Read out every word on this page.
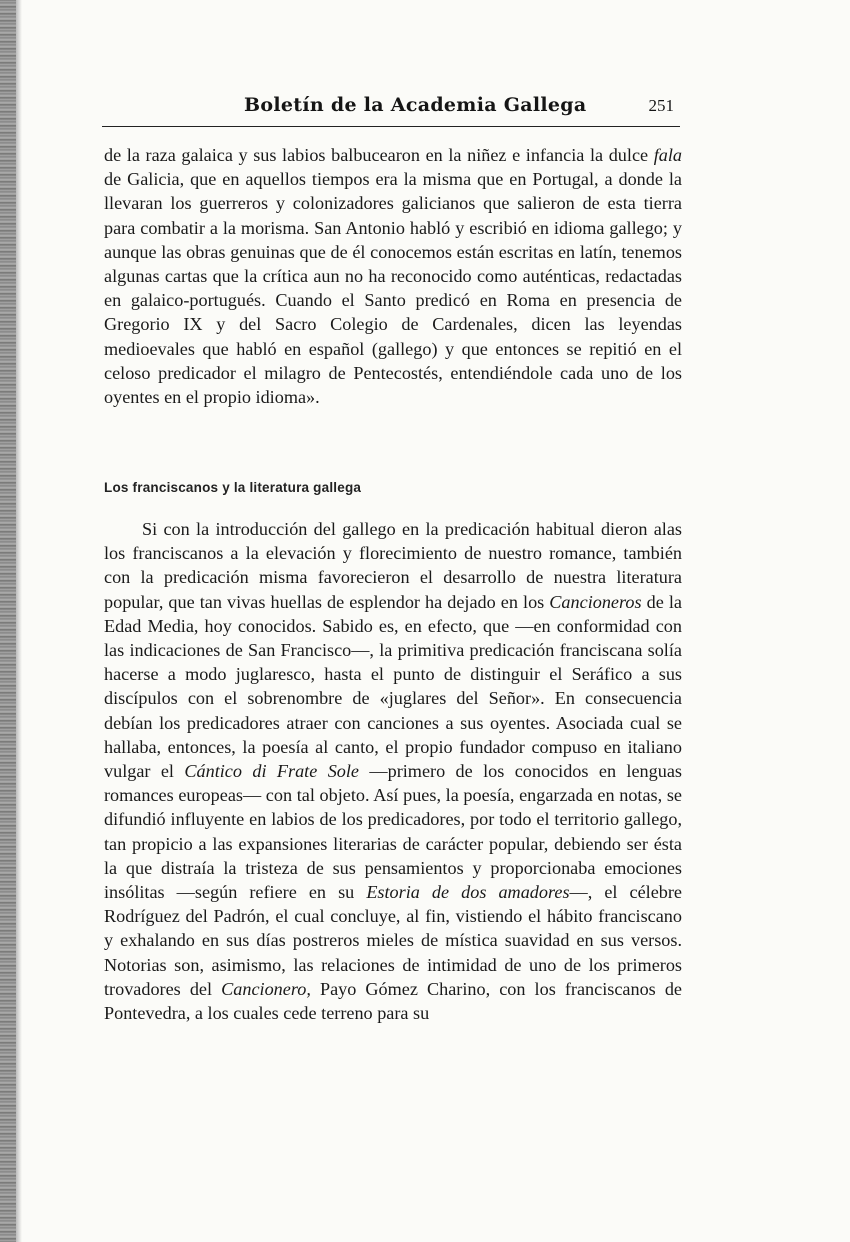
Boletín de la Academia Gallega	251
de la raza galaica y sus labios balbucearon en la niñez e infancia la dulce fala de Galicia, que en aquellos tiempos era la misma que en Portugal, a donde la llevaran los guerreros y colonizadores galicianos que salieron de esta tierra para combatir a la morisma. San Antonio habló y escribió en idioma gallego; y aunque las obras genuinas que de él conocemos están escritas en latín, tenemos algunas cartas que la crítica aun no ha reconocido como auténticas, redactadas en galaico-portugués. Cuando el Santo predicó en Roma en presencia de Gregorio IX y del Sacro Colegio de Cardenales, dicen las leyendas medioevales que habló en español (gallego) y que entonces se repitió en el celoso predicador el milagro de Pentecostés, entendiéndole cada uno de los oyentes en el propio idioma».
Los franciscanos y la literatura gallega
Si con la introducción del gallego en la predicación habitual dieron alas los franciscanos a la elevación y florecimiento de nuestro romance, también con la predicación misma favorecieron el desarrollo de nuestra literatura popular, que tan vivas huellas de esplendor ha dejado en los Cancioneros de la Edad Media, hoy conocidos. Sabido es, en efecto, que —en conformidad con las indicaciones de San Francisco—, la primitiva predicación franciscana solía hacerse a modo juglaresco, hasta el punto de distinguir el Seráfico a sus discípulos con el sobrenombre de «juglares del Señor». En consecuencia debían los predicadores atraer con canciones a sus oyentes. Asociada cual se hallaba, entonces, la poesía al canto, el propio fundador compuso en italiano vulgar el Cántico di Frate Sole —primero de los conocidos en lenguas romances europeas— con tal objeto. Así pues, la poesía, engarzada en notas, se difundió influyente en labios de los predicadores, por todo el territorio gallego, tan propicio a las expansiones literarias de carácter popular, debiendo ser ésta la que distraía la tristeza de sus pensamientos y proporcionaba emociones insólitas —según refiere en su Estoria de dos amadores—, el célebre Rodríguez del Padrón, el cual concluye, al fin, vistiendo el hábito franciscano y exhalando en sus días postreros mieles de mística suavidad en sus versos. Notorias son, asimismo, las relaciones de intimidad de uno de los primeros trovadores del Cancionero, Payo Gómez Charino, con los franciscanos de Pontevedra, a los cuales cede terreno para su
